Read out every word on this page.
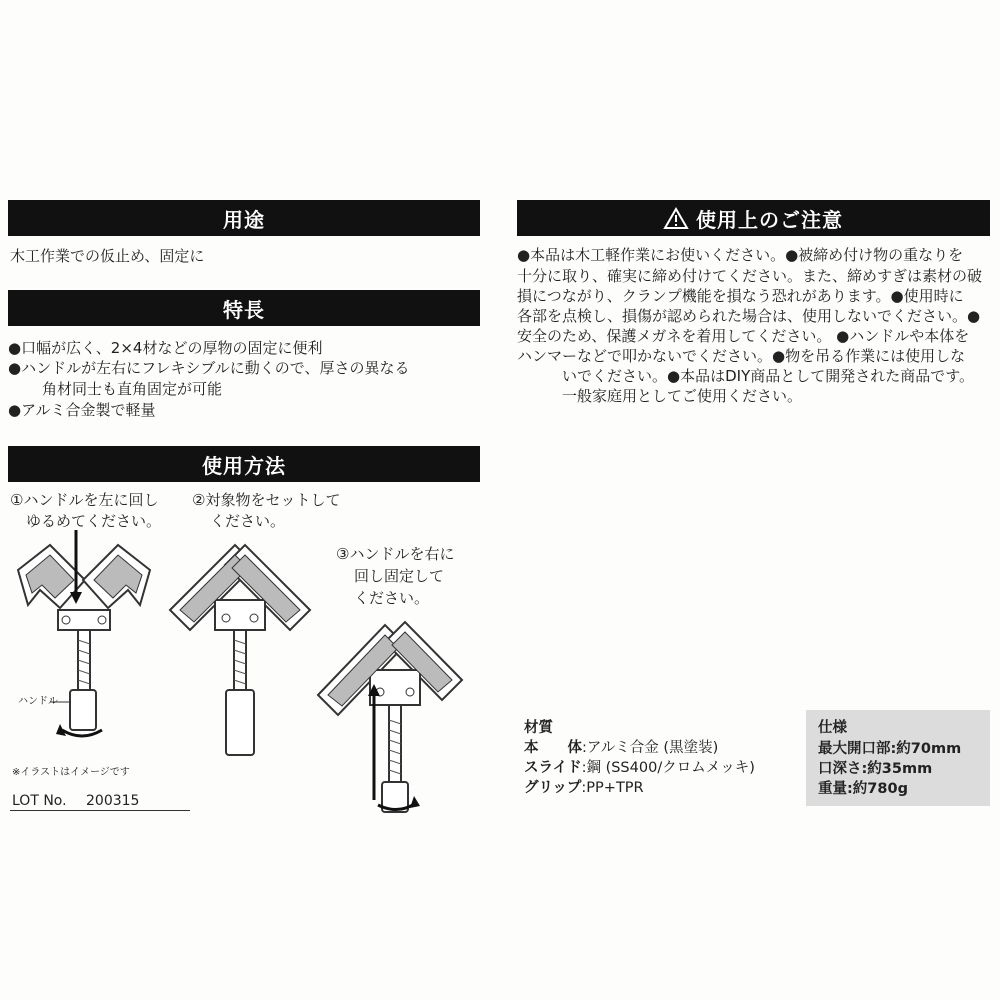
用途
木工作業での仮止め、固定に
特長
●口幅が広く、2×4材などの厚物の固定に便利
●ハンドルが左右にフレキシブルに動くので、厚さの異なる
角材同士も直角固定が可能
●アルミ合金製で軽量
使用方法
①ハンドルを左に回し
ゆるめてください。
②対象物をセットして
ください。
③ハンドルを右に
回し固定して
ください。
ハンドル
※イラストはイメージです
LOT No. 200315
使用上のご注意
●本品は木工軽作業にお使いください。●被締め付け物の重なりを
十分に取り、確実に締め付けてください。また、締めすぎは素材の破
損につながり、クランプ機能を損なう恐れがあります。●使用時に
各部を点検し、損傷が認められた場合は、使用しないでください。●
安全のため、保護メガネを着用してください。 ●ハンドルや本体を
ハンマーなどで叩かないでください。●物を吊る作業には使用しな
いでください。●本品はDIY商品として開発された商品です。
一般家庭用としてご使用ください。
材質
本　　体:アルミ合金 (黒塗装)
スライド:鋼 (SS400/クロムメッキ)
グリップ:PP+TPR
仕様
最大開口部:約70mm
口深さ:約35mm
重量:約780g
